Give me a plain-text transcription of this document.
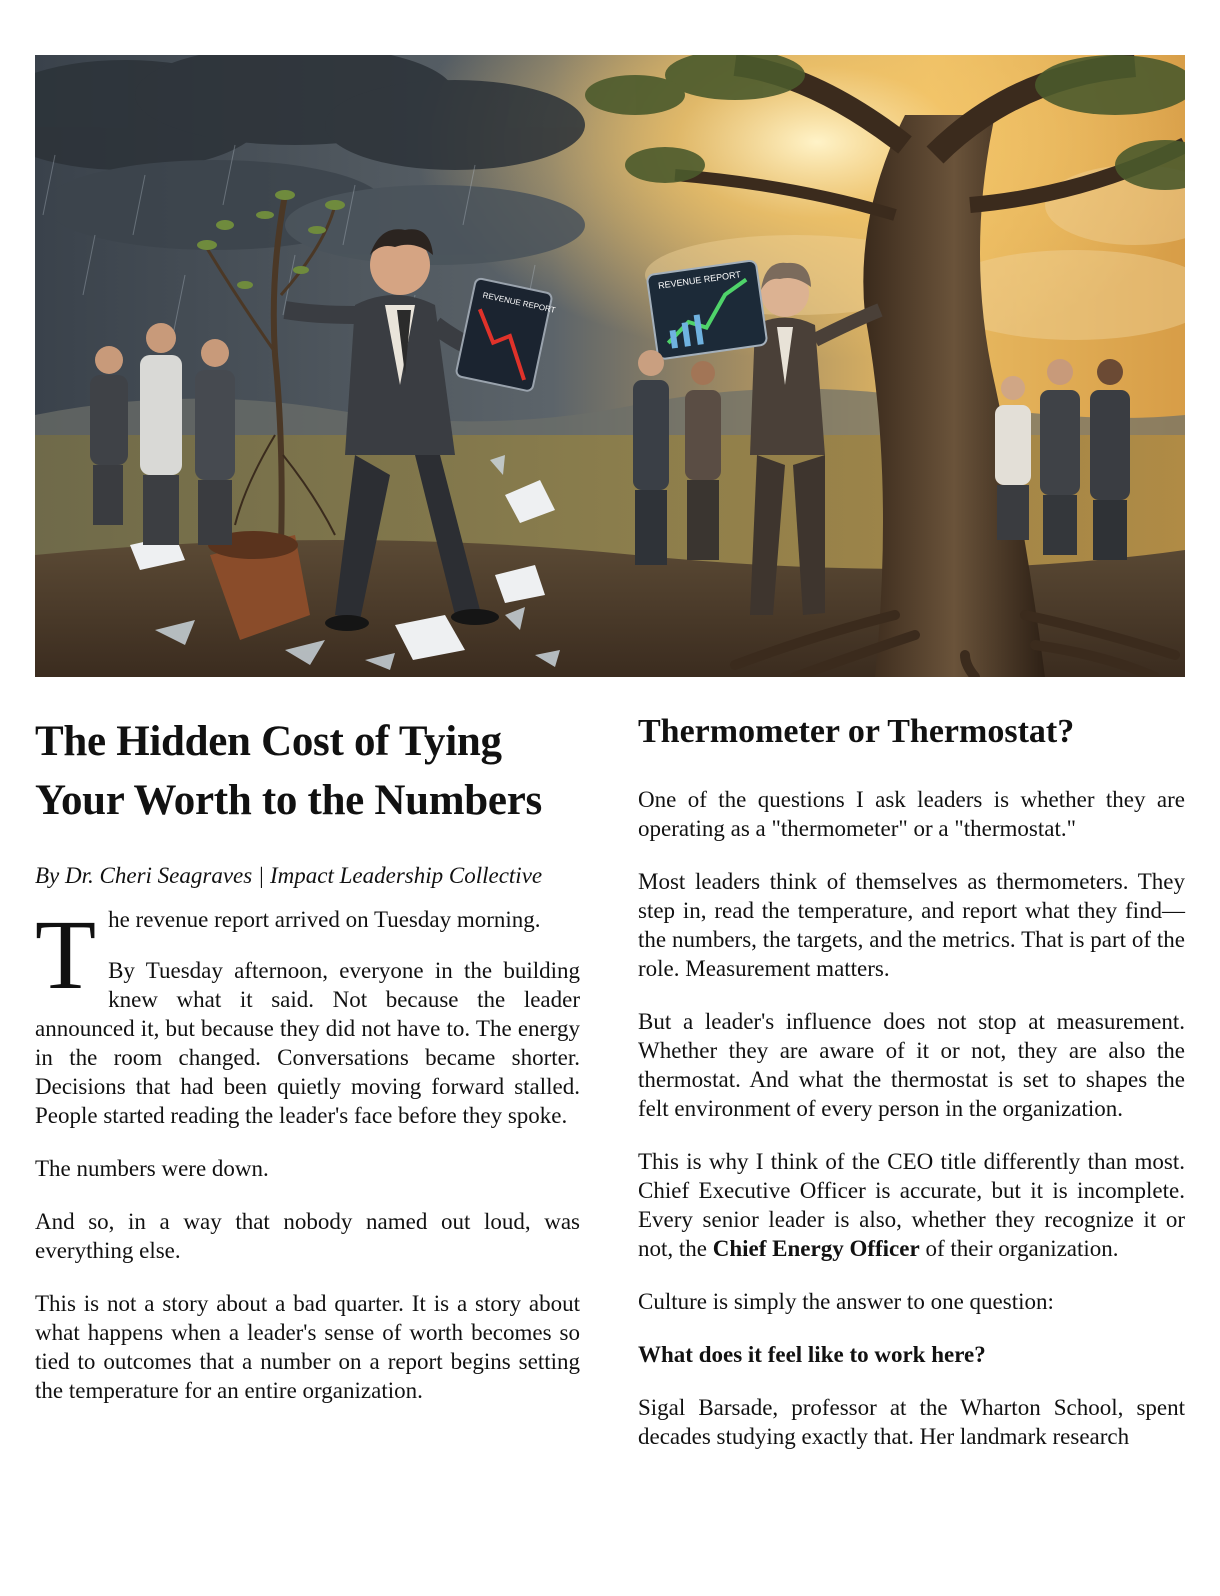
REVENUE REPORT
REVENUE REPORT
The Hidden Cost of Tying Your Worth to the Numbers
By Dr. Cheri Seagraves | Impact Leadership Collective
T he revenue report arrived on Tuesday morning.

By Tuesday afternoon, everyone in the building knew what it said. Not because the leader announced it, but because they did not have to. The energy in the room changed. Conversations became shorter. Decisions that had been quietly moving forward stalled. People started reading the leader's face before they spoke.

The numbers were down.

And so, in a way that nobody named out loud, was everything else.

This is not a story about a bad quarter. It is a story about what happens when a leader's sense of worth becomes so tied to outcomes that a number on a report begins setting the temperature for an entire organization.

Thermometer or Thermostat?

One of the questions I ask leaders is whether they are operating as a "thermometer" or a "thermostat."

Most leaders think of themselves as thermometers. They step in, read the temperature, and report what they find—the numbers, the targets, and the metrics. That is part of the role. Measurement matters.

But a leader's influence does not stop at measurement. Whether they are aware of it or not, they are also the thermostat. And what the thermostat is set to shapes the felt environment of every person in the organization.

This is why I think of the CEO title differently than most. Chief Executive Officer is accurate, but it is incomplete. Every senior leader is also, whether they recognize it or not, the Chief Energy Officer of their organization.

Culture is simply the answer to one question:

What does it feel like to work here?

Sigal Barsade, professor at the Wharton School, spent decades studying exactly that. Her landmark research
